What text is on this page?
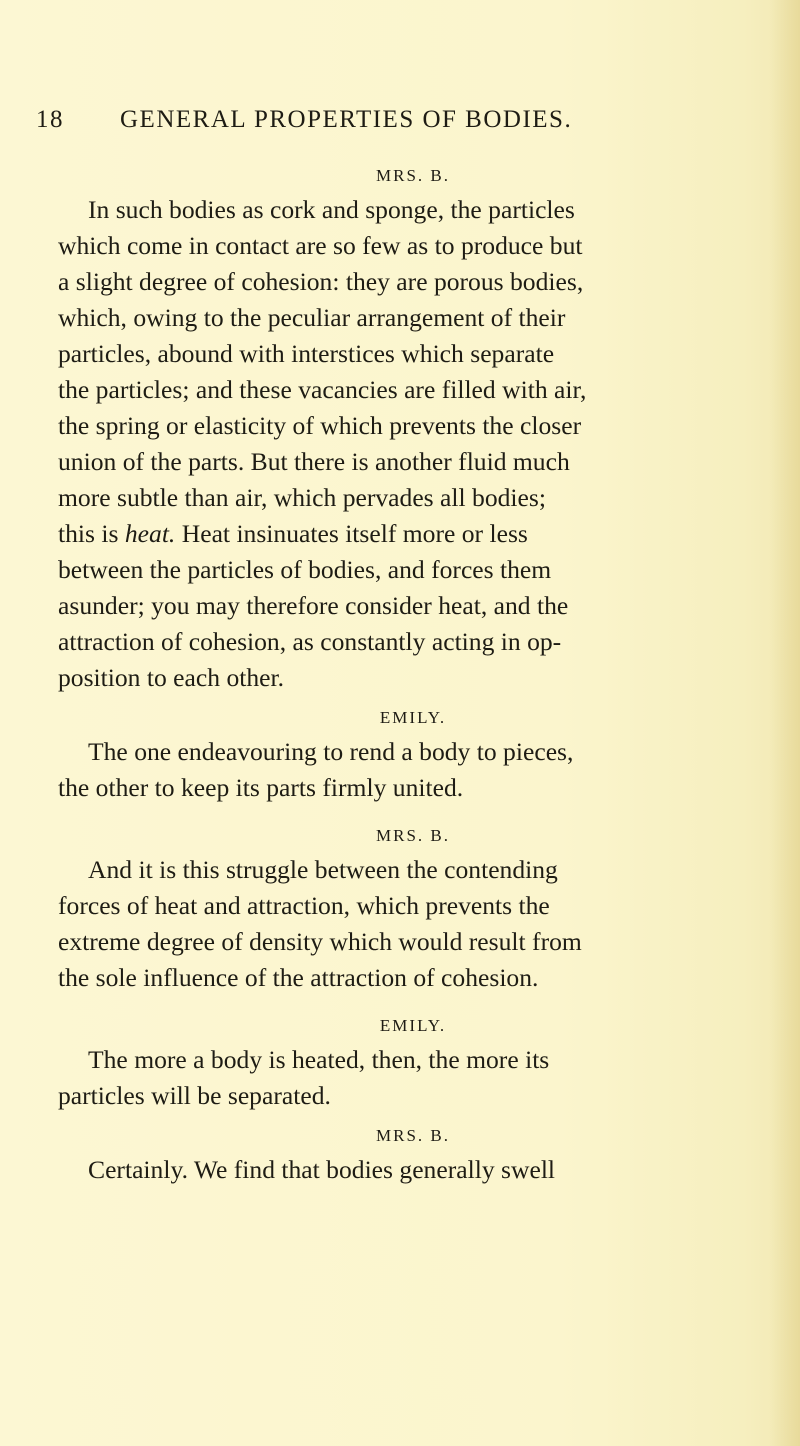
18 GENERAL PROPERTIES OF BODIES.
MRS. B.
In such bodies as cork and sponge, the particles
which come in contact are so few as to produce but
a slight degree of cohesion: they are porous bodies,
which, owing to the peculiar arrangement of their
particles, abound with interstices which separate
the particles; and these vacancies are filled with air,
the spring or elasticity of which prevents the closer
union of the parts. But there is another fluid much
more subtle than air, which pervades all bodies;
this is heat. Heat insinuates itself more or less
between the particles of bodies, and forces them
asunder; you may therefore consider heat, and the
attraction of cohesion, as constantly acting in op-
position to each other.
EMILY.
The one endeavouring to rend a body to pieces,
the other to keep its parts firmly united.
MRS. B.
And it is this struggle between the contending
forces of heat and attraction, which prevents the
extreme degree of density which would result from
the sole influence of the attraction of cohesion.
EMILY.
The more a body is heated, then, the more its
particles will be separated.
MRS. B.
Certainly. We find that bodies generally swell
